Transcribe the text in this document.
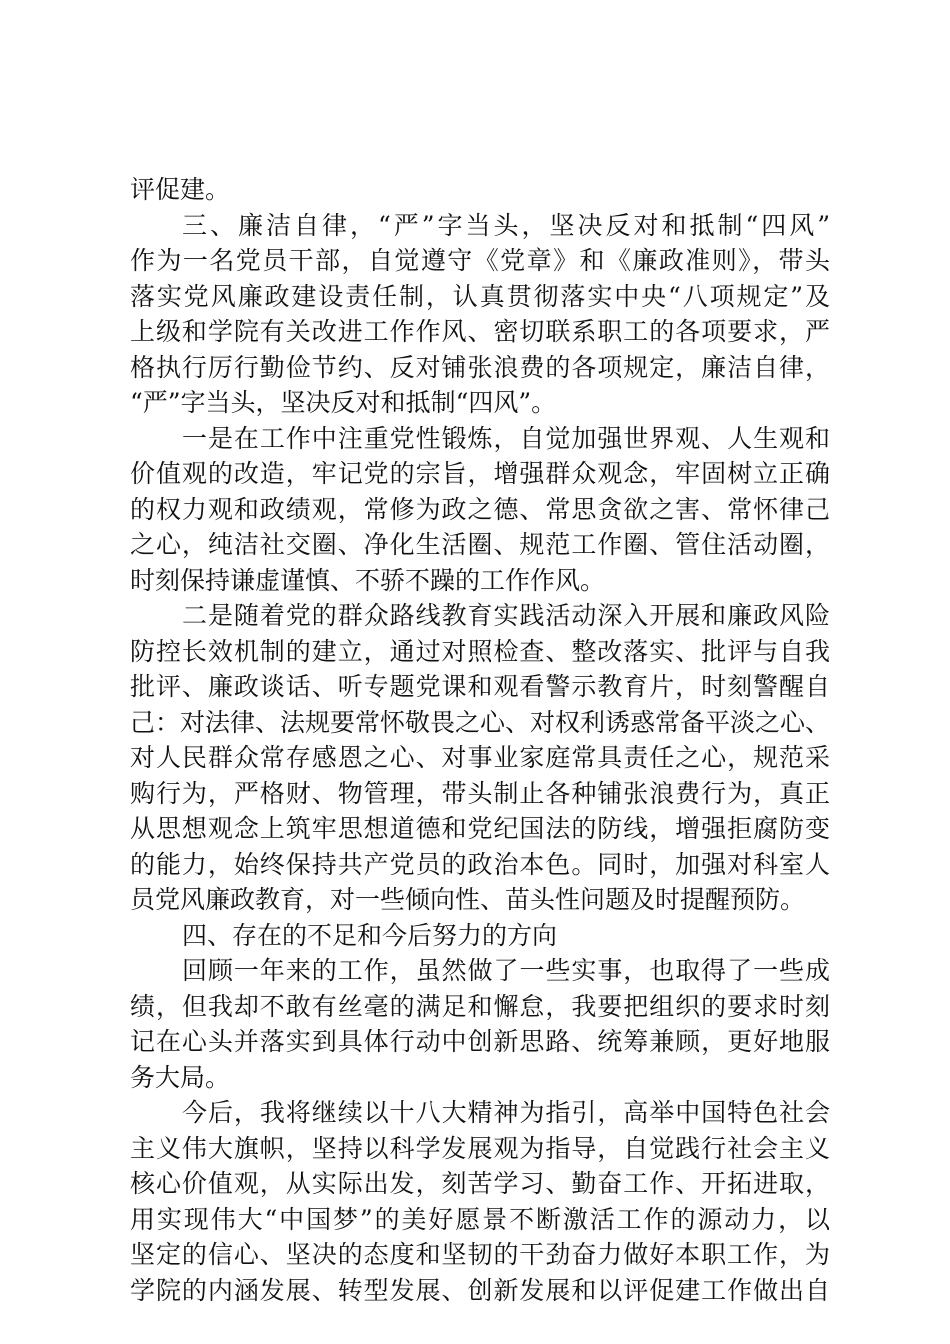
评促建。
三、廉洁自律，“严”字当头，坚决反对和抵制“四风”
作为一名党员干部，自觉遵守《党章》和《廉政准则》，带头
落实党风廉政建设责任制，认真贯彻落实中央“八项规定”及
上级和学院有关改进工作作风、密切联系职工的各项要求，严
格执行厉行勤俭节约、反对铺张浪费的各项规定，廉洁自律，
“严”字当头，坚决反对和抵制“四风”。
一是在工作中注重党性锻炼，自觉加强世界观、人生观和
价值观的改造，牢记党的宗旨，增强群众观念，牢固树立正确
的权力观和政绩观，常修为政之德、常思贪欲之害、常怀律己
之心，纯洁社交圈、净化生活圈、规范工作圈、管住活动圈，
时刻保持谦虚谨慎、不骄不躁的工作作风。
二是随着党的群众路线教育实践活动深入开展和廉政风险
防控长效机制的建立，通过对照检查、整改落实、批评与自我
批评、廉政谈话、听专题党课和观看警示教育片，时刻警醒自
己：对法律、法规要常怀敬畏之心、对权利诱惑常备平淡之心、
对人民群众常存感恩之心、对事业家庭常具责任之心，规范采
购行为，严格财、物管理，带头制止各种铺张浪费行为，真正
从思想观念上筑牢思想道德和党纪国法的防线，增强拒腐防变
的能力，始终保持共产党员的政治本色。同时，加强对科室人
员党风廉政教育，对一些倾向性、苗头性问题及时提醒预防。
四、存在的不足和今后努力的方向
回顾一年来的工作，虽然做了一些实事，也取得了一些成
绩，但我却不敢有丝毫的满足和懈怠，我要把组织的要求时刻
记在心头并落实到具体行动中创新思路、统筹兼顾，更好地服
务大局。
今后，我将继续以十八大精神为指引，高举中国特色社会
主义伟大旗帜，坚持以科学发展观为指导，自觉践行社会主义
核心价值观，从实际出发，刻苦学习、勤奋工作、开拓进取，
用实现伟大“中国梦”的美好愿景不断激活工作的源动力，以
坚定的信心、坚决的态度和坚韧的干劲奋力做好本职工作，为
学院的内涵发展、转型发展、创新发展和以评促建工作做出自
